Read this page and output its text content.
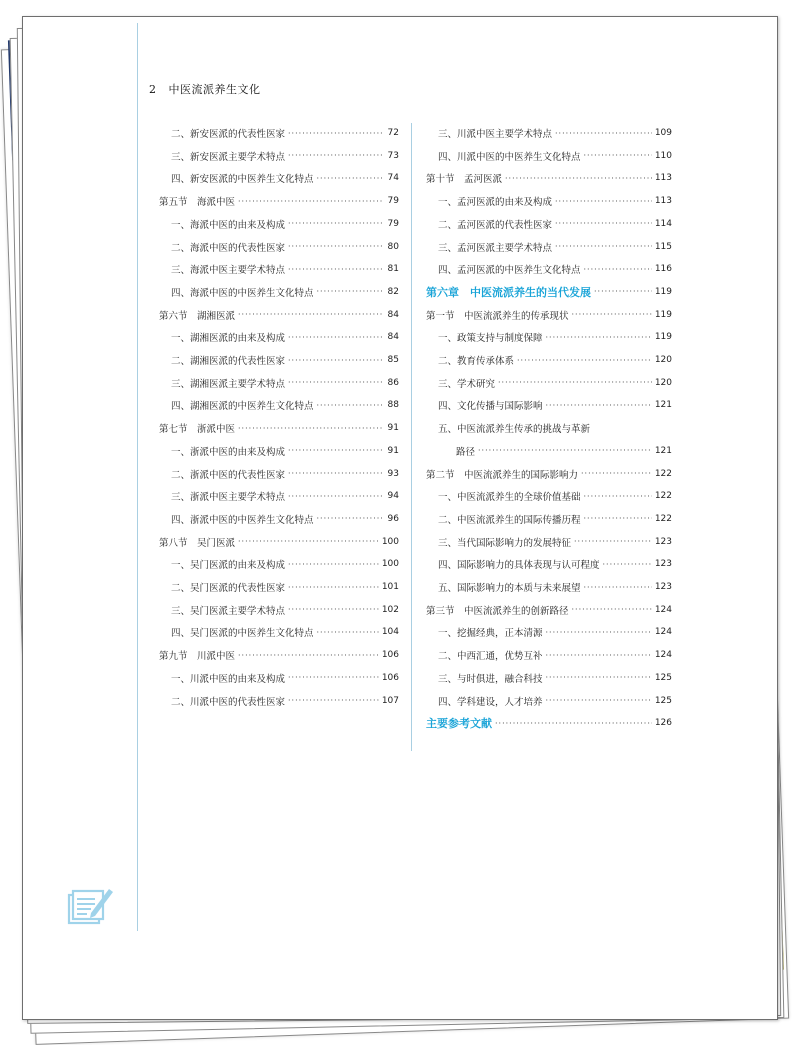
2 中医流派养生文化
二、新安医派的代表性医家 ·····	72
三、新安医派主要学术特点 ·····	73
四、新安医派的中医养生文化特点 ·····	74
第五节　海派中医 ·····	79
一、海派中医的由来及构成 ·····	79
二、海派中医的代表性医家 ·····	80
三、海派中医主要学术特点 ·····	81
四、海派中医的中医养生文化特点 ·····	82
第六节　湖湘医派 ·····	84
一、湖湘医派的由来及构成 ·····	84
二、湖湘医派的代表性医家 ·····	85
三、湖湘医派主要学术特点 ·····	86
四、湖湘医派的中医养生文化特点 ·····	88
第七节　浙派中医 ·····	91
一、浙派中医的由来及构成 ·····	91
二、浙派中医的代表性医家 ·····	93
三、浙派中医主要学术特点 ·····	94
四、浙派中医的中医养生文化特点 ·····	96
第八节　吴门医派 ·····	100
一、吴门医派的由来及构成 ·····	100
二、吴门医派的代表性医家 ·····	101
三、吴门医派主要学术特点 ·····	102
四、吴门医派的中医养生文化特点 ·····	104
第九节　川派中医 ·····	106
一、川派中医的由来及构成 ·····	106
二、川派中医的代表性医家 ·····	107
三、川派中医主要学术特点 ·····	109
四、川派中医的中医养生文化特点 ·····	110
第十节　孟河医派 ·····	113
一、孟河医派的由来及构成 ·····	113
二、孟河医派的代表性医家 ·····	114
三、孟河医派主要学术特点 ·····	115
四、孟河医派的中医养生文化特点 ·····	116
第六章　中医流派养生的当代发展 ·····	119
第一节　中医流派养生的传承现状 ·····	119
一、政策支持与制度保障 ·····	119
二、教育传承体系 ·····	120
三、学术研究 ·····	120
四、文化传播与国际影响 ·····	121
五、中医流派养生传承的挑战与革新
路径 ·····	121
第二节　中医流派养生的国际影响力 ·····	122
一、中医流派养生的全球价值基础 ·····	122
二、中医流派养生的国际传播历程 ·····	122
三、当代国际影响力的发展特征 ·····	123
四、国际影响力的具体表现与认可程度 ·····	123
五、国际影响力的本质与未来展望 ·····	123
第三节　中医流派养生的创新路径 ·····	124
一、挖掘经典，正本清源 ·····	124
二、中西汇通，优势互补 ·····	124
三、与时俱进，融合科技 ·····	125
四、学科建设，人才培养 ·····	125
主要参考文献 ·····	126
